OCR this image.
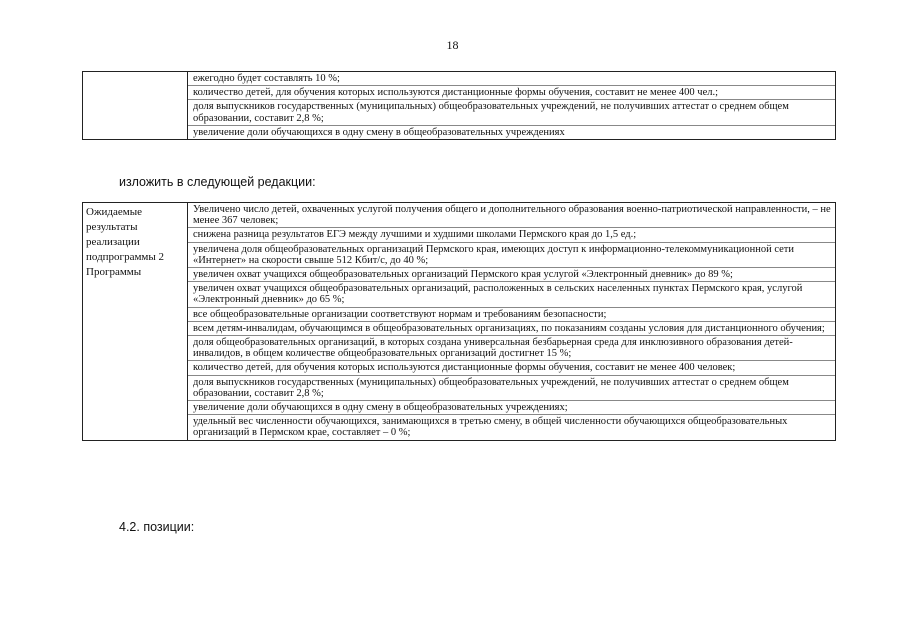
18

ежегодно будет составлять 10 %;
количество детей, для обучения которых используются дистанционные формы обучения, составит не менее 400 чел.;
доля выпускников государственных (муниципальных) общеобразовательных учреждений, не получивших аттестат о среднем общем образовании, составит 2,8 %;
увеличение доли обучающихся в одну смену в общеобразовательных учреждениях
изложить в следующей редакции:
Ожидаемые результаты реализации подпрограммы 2 Программы	
Увеличено число детей, охваченных услугой получения общего и дополнительного образования военно-патриотической направленности, – не менее 367 человек;
снижена разница результатов ЕГЭ между лучшими и худшими школами Пермского края до 1,5 ед.;
увеличена доля общеобразовательных организаций Пермского края, имеющих доступ к информационно-телекоммуникационной сети «Интернет» на скорости свыше 512 Кбит/с, до 40 %;
увеличен охват учащихся общеобразовательных организаций Пермского края услугой «Электронный дневник» до 89 %;
увеличен охват учащихся общеобразовательных организаций, расположенных в сельских населенных пунктах Пермского края, услугой «Электронный дневник» до 65 %;
все общеобразовательные организации соответствуют нормам и требованиям безопасности;
всем детям-инвалидам, обучающимся в общеобразовательных организациях, по показаниям созданы условия для дистанционного обучения;
доля общеобразовательных организаций, в которых создана универсальная безбарьерная среда для инклюзивного образования детей-инвалидов, в общем количестве общеобразовательных организаций достигнет 15 %;
количество детей, для обучения которых используются дистанционные формы обучения, составит не менее 400 человек;
доля выпускников государственных (муниципальных) общеобразовательных учреждений, не получивших аттестат о среднем общем образовании, составит 2,8 %;
увеличение доли обучающихся в одну смену в общеобразовательных учреждениях;
удельный вес численности обучающихся, занимающихся в третью смену, в общей численности обучающихся общеобразовательных организаций в Пермском крае, составляет – 0 %;
4.2. позиции:
